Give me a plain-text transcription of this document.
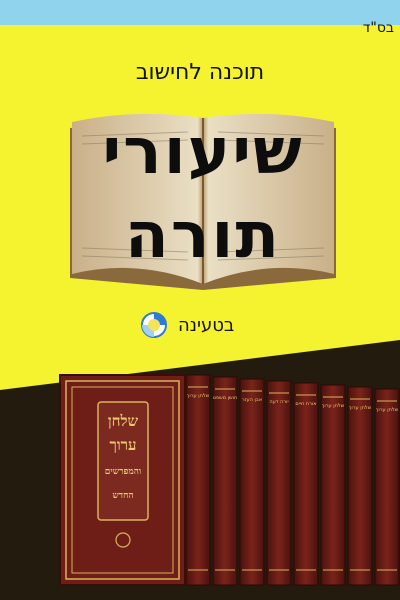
בס"ד
תוכנה לחישוב
שיעורי
תורה
בטעינה
שלחן ערוך חושן משפט אבן העזר יורה דעה אורח חיים שלחן ערוך שלחן ערוך שלחן ערוך
שלחן
ערוך
והמפרשים
החדש
